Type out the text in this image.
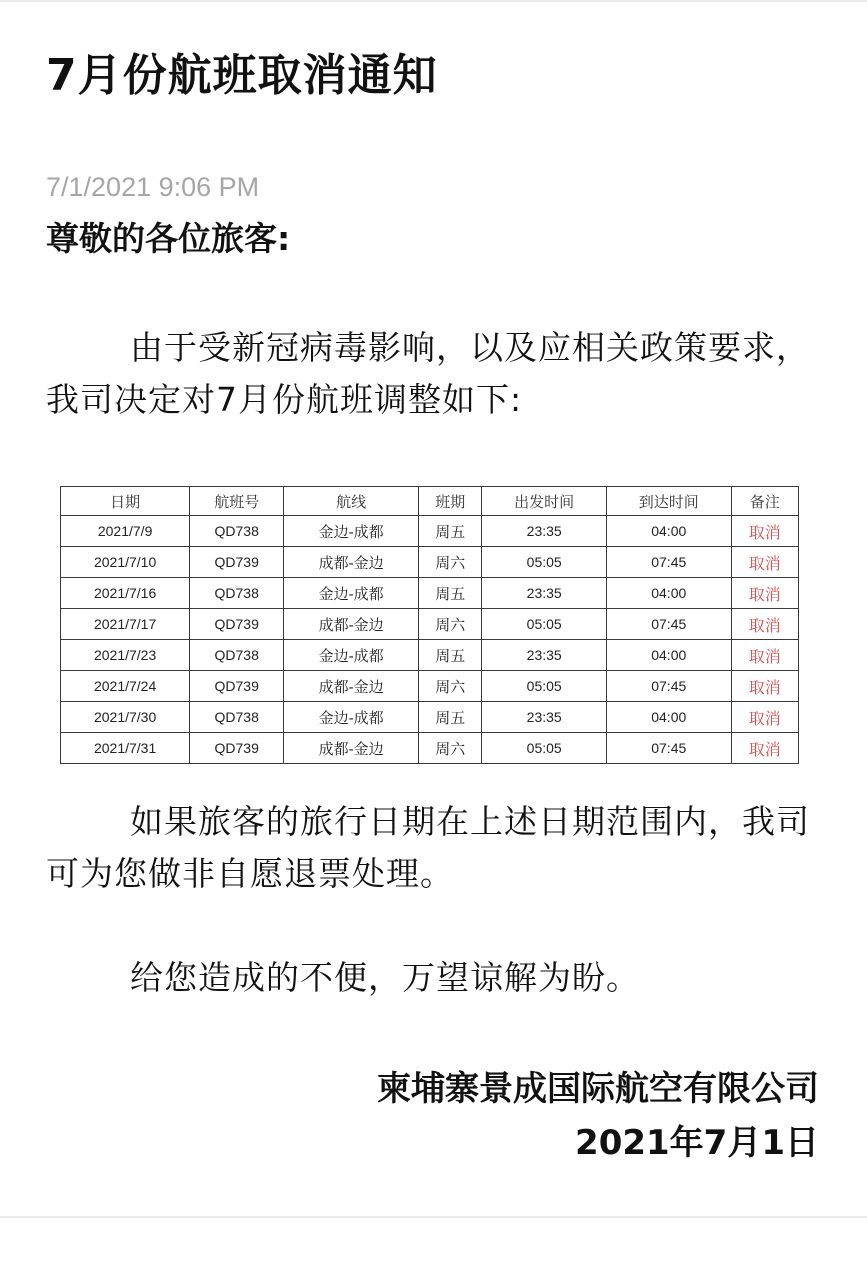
7月份航班取消通知
7/1/2021 9:06 PM
尊敬的各位旅客:

由于受新冠病毒影响，以及应相关政策要求，我司决定对7月份航班调整如下:

日期	航班号	航线	班期	出发时间	到达时间	备注
2021/7/9	QD738	金边-成都	周五	23:35	04:00	取消
2021/7/10	QD739	成都-金边	周六	05:05	07:45	取消
2021/7/16	QD738	金边-成都	周五	23:35	04:00	取消
2021/7/17	QD739	成都-金边	周六	05:05	07:45	取消
2021/7/23	QD738	金边-成都	周五	23:35	04:00	取消
2021/7/24	QD739	成都-金边	周六	05:05	07:45	取消
2021/7/30	QD738	金边-成都	周五	23:35	04:00	取消
2021/7/31	QD739	成都-金边	周六	05:05	07:45	取消

如果旅客的旅行日期在上述日期范围内，我司可为您做非自愿退票处理。

给您造成的不便，万望谅解为盼。

柬埔寨景成国际航空有限公司
2021年7月1日
